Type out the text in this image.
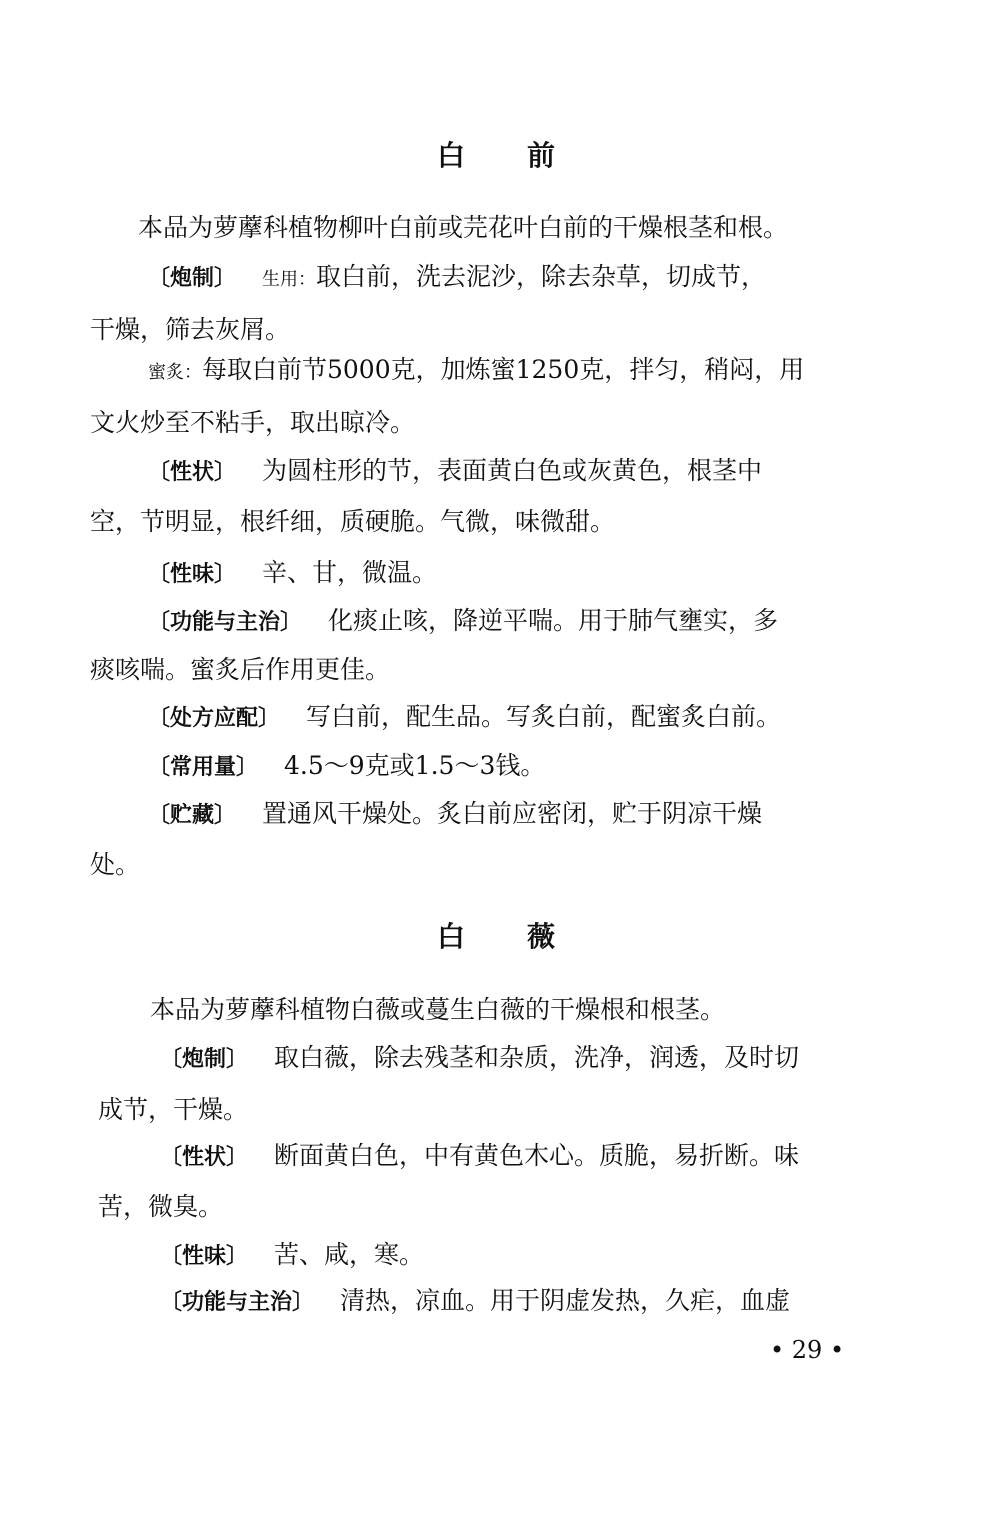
白前

本品为萝藦科植物柳叶白前或芫花叶白前的干燥根茎和根。

〔炮制〕 生用：取白前，洗去泥沙，除去杂草，切成节，

干燥，筛去灰屑。

蜜炙：每取白前节5000克，加炼蜜1250克，拌匀，稍闷，用

文火炒至不粘手，取出晾冷。

〔性状〕 为圆柱形的节，表面黄白色或灰黄色，根茎中

空，节明显，根纤细，质硬脆。气微，味微甜。

〔性味〕 辛、甘，微温。

〔功能与主治〕 化痰止咳，降逆平喘。用于肺气壅实，多

痰咳喘。蜜炙后作用更佳。

〔处方应配〕 写白前，配生品。写炙白前，配蜜炙白前。

〔常用量〕 4.5～9克或1.5～3钱。

〔贮藏〕 置通风干燥处。炙白前应密闭，贮于阴凉干燥

处。

白薇

本品为萝藦科植物白薇或蔓生白薇的干燥根和根茎。

〔炮制〕 取白薇，除去残茎和杂质，洗净，润透，及时切

成节，干燥。

〔性状〕 断面黄白色，中有黄色木心。质脆，易折断。味

苦，微臭。

〔性味〕 苦、咸，寒。

〔功能与主治〕 清热，凉血。用于阴虚发热，久疟，血虚

• 29 •
